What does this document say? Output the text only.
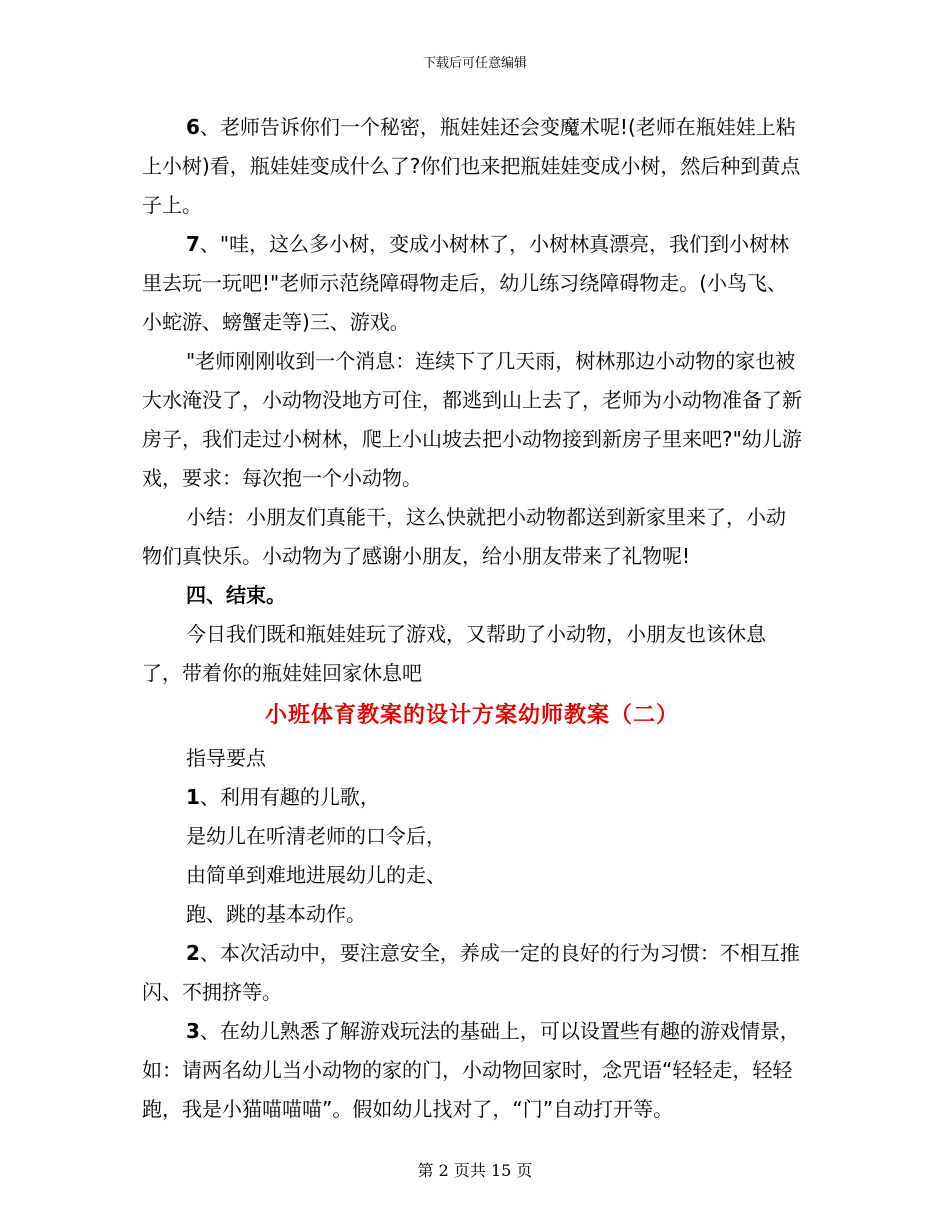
下载后可任意编辑

6、老师告诉你们一个秘密，瓶娃娃还会变魔术呢!(老师在瓶娃娃上粘上小树)看，瓶娃娃变成什么了?你们也来把瓶娃娃变成小树，然后种到黄点子上。

7、"哇，这么多小树，变成小树林了，小树林真漂亮，我们到小树林里去玩一玩吧!"老师示范绕障碍物走后，幼儿练习绕障碍物走。(小鸟飞、小蛇游、螃蟹走等)三、游戏。

"老师刚刚收到一个消息：连续下了几天雨，树林那边小动物的家也被大水淹没了，小动物没地方可住，都逃到山上去了，老师为小动物准备了新房子，我们走过小树林，爬上小山坡去把小动物接到新房子里来吧?"幼儿游戏，要求：每次抱一个小动物。

小结：小朋友们真能干，这么快就把小动物都送到新家里来了，小动物们真快乐。小动物为了感谢小朋友，给小朋友带来了礼物呢!

四、结束。

今日我们既和瓶娃娃玩了游戏，又帮助了小动物，小朋友也该休息了，带着你的瓶娃娃回家休息吧

小班体育教案的设计方案幼师教案（二）

指导要点

1、利用有趣的儿歌，

是幼儿在听清老师的口令后，

由简单到难地进展幼儿的走、

跑、跳的基本动作。

2、本次活动中，要注意安全，养成一定的良好的行为习惯：不相互推闪、不拥挤等。

3、在幼儿熟悉了解游戏玩法的基础上，可以设置些有趣的游戏情景，如：请两名幼儿当小动物的家的门，小动物回家时，念咒语“轻轻走，轻轻跑，我是小猫喵喵喵”。假如幼儿找对了，“门”自动打开等。

第 2 页共 15 页
